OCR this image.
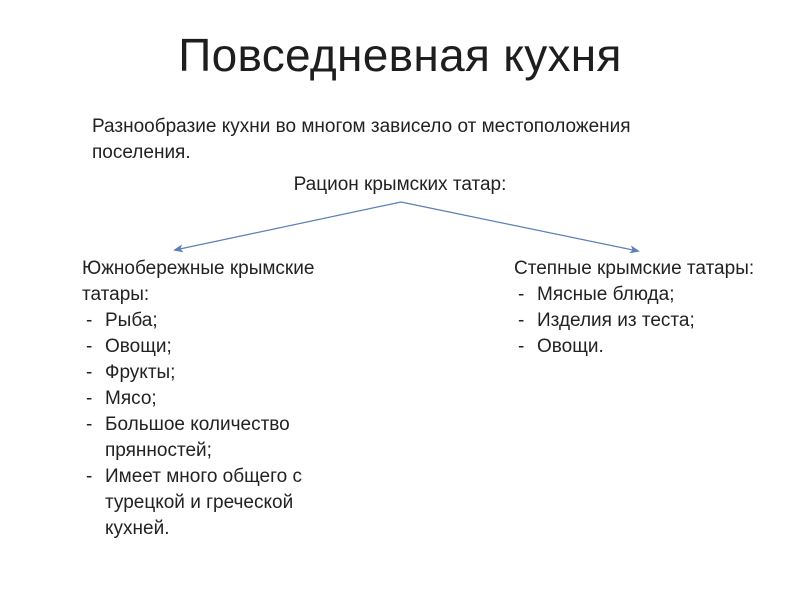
Повседневная кухня

Разнообразие кухни во многом зависело от местоположения поселения.

Рацион крымских татар:

Южнобережные крымские татары:

- Рыба;
- Овощи;
- Фрукты;
- Мясо;
- Большое количество прянностей;
- Имеет много общего с турецкой и греческой кухней.

Степные крымские татары:

- Мясные блюда;
- Изделия из теста;
- Овощи.
